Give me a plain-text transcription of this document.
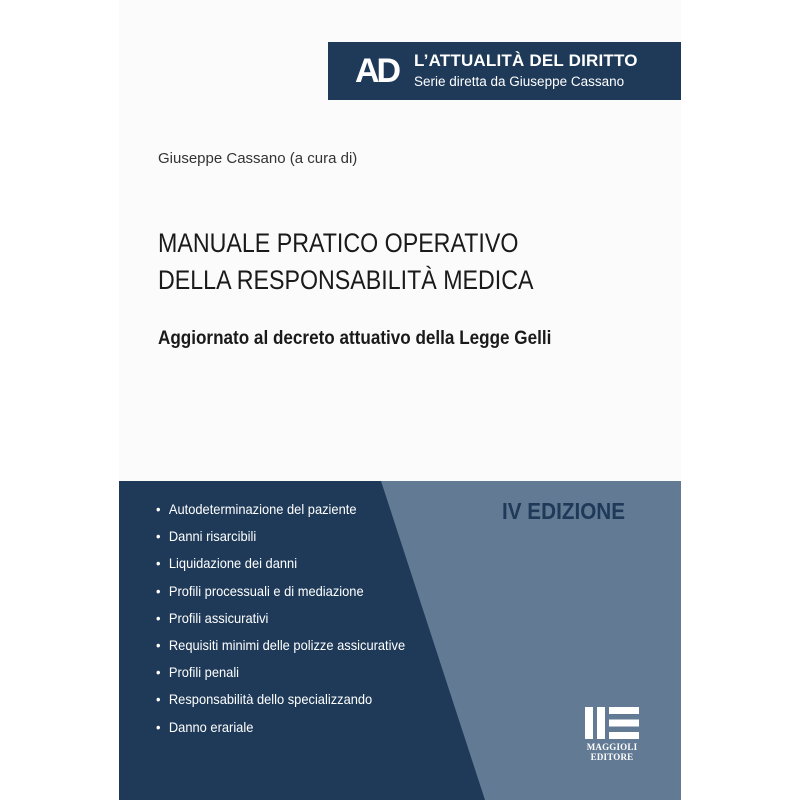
AD L’ATTUALITÀ DEL DIRITTO
Serie diretta da Giuseppe Cassano
Giuseppe Cassano (a cura di)
MANUALE PRATICO OPERATIVO
DELLA RESPONSABILITÀ MEDICA
Aggiornato al decreto attuativo della Legge Gelli
• Autodeterminazione del paziente
• Danni risarcibili
• Liquidazione dei danni
• Profili processuali e di mediazione
• Profili assicurativi
• Requisiti minimi delle polizze assicurative
• Profili penali
• Responsabilità dello specializzando
• Danno erariale
IV EDIZIONE
MAGGIOLI
EDITORE
